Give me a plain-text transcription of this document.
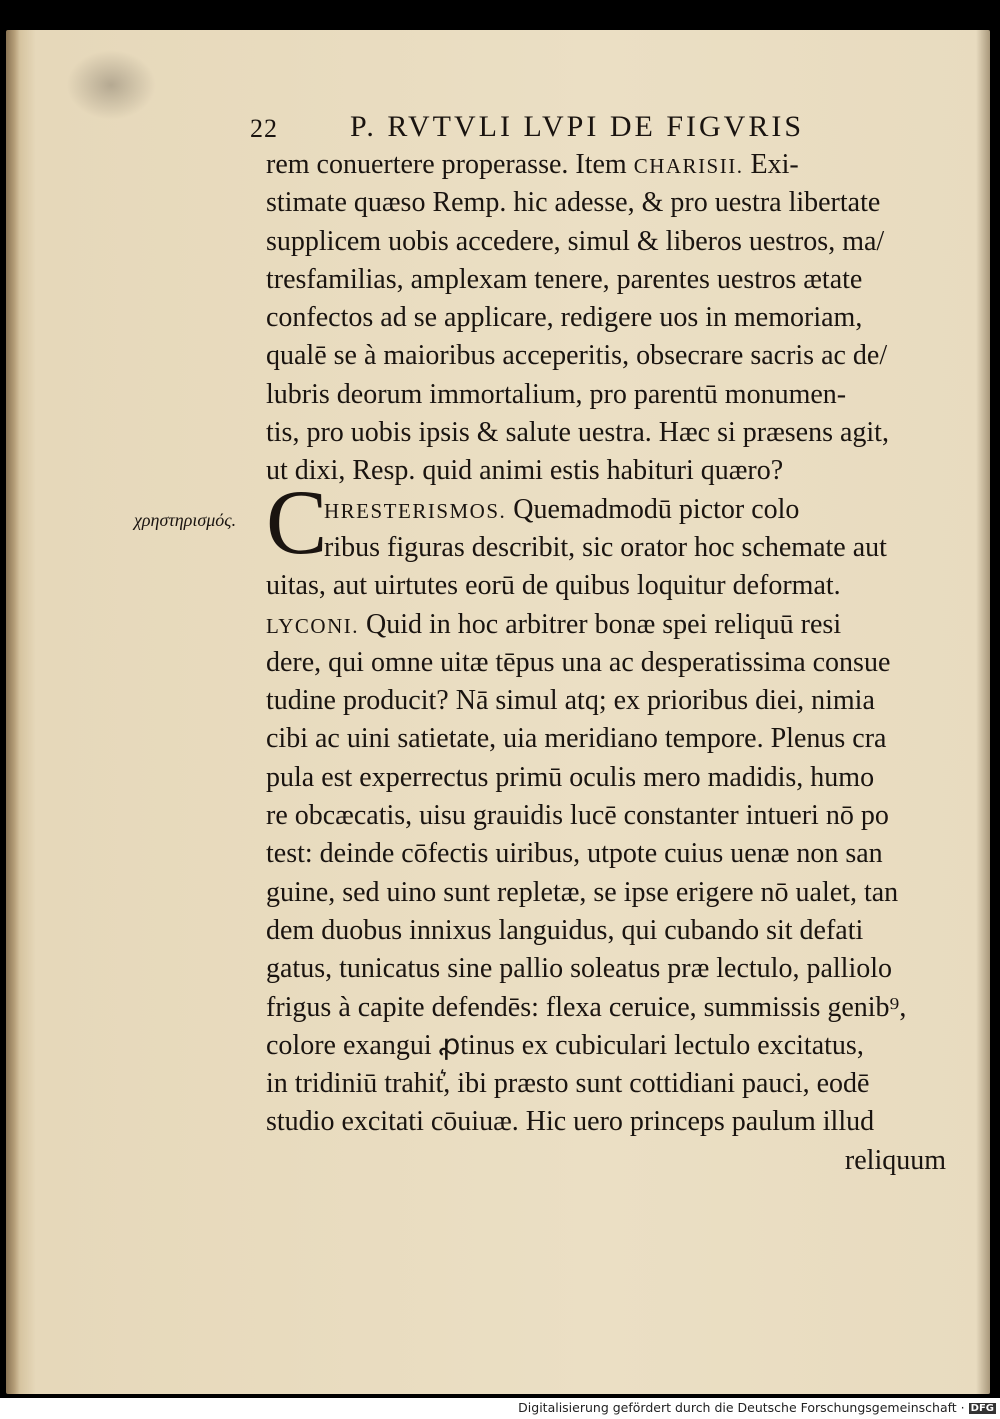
22 P. RVTVLI LVPI DE FIGVRIS
χρηστηρισμός. C
rem conuertere properasse. Item CHARISII. Exi-
stimate quæso Remp. hic adesse, & pro uestra libertate
supplicem uobis accedere, simul & liberos uestros, ma/
tresfamilias, amplexam tenere, parentes uestros ætate
confectos ad se applicare, redigere uos in memoriam,
qualē se à maioribus acceperitis, obsecrare sacris ac de/
lubris deorum immortalium, pro parentū monumen-
tis, pro uobis ipsis & salute uestra. Hæc si præsens agit,
ut dixi, Resp. quid animi estis habituri quæro?
HRESTERISMOS. Quemadmodū pictor colo
ribus figuras describit, sic orator hoc schemate aut
uitas, aut uirtutes eorū de quibus loquitur deformat.
LYCONI. Quid in hoc arbitrer bonæ spei reliquū resi
dere, qui omne uitæ tēpus una ac desperatissima consue
tudine producit? Nā simul atq; ex prioribus diei, nimia
cibi ac uini satietate, uia meridiano tempore. Plenus cra
pula est experrectus primū oculis mero madidis, humo
re obcæcatis, uisu grauidis lucē constanter intueri nō po
test: deinde cōfectis uiribus, utpote cuius uenæ non san
guine, sed uino sunt repletæ, se ipse erigere nō ualet, tan
dem duobus innixus languidus, qui cubando sit defati
gatus, tunicatus sine pallio soleatus præ lectulo, palliolo
frigus à capite defendēs: flexa ceruice, summissis genib⁹,
colore exangui ꝓtinus ex cubiculari lectulo excitatus,
in tridiniū trahit͛, ibi præsto sunt cottidiani pauci, eodē
studio excitati cōuiuæ. Hic uero princeps paulum illud
reliquum
Digitalisierung gefördert durch die Deutsche Forschungsgemeinschaft · DFG
